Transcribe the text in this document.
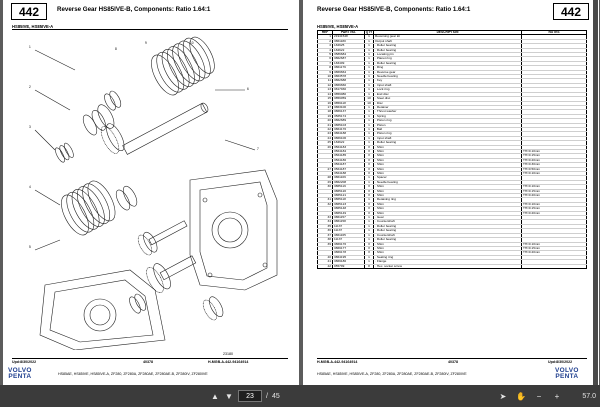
442	Reverse Gear HS85IVE-B, Components: Ratio 1.64:1
HS85IVE, HS85IVE-A
1
2
3
4
5
6
7
8
9	10
23180
Upd:8/30/2022	40378	H-MGB-A-442-94164914
HS85AE, HS85IVE, HS85IVE-A, ZF280, ZF280A, ZF280AE, ZF280AE-B, ZF280IV, ZF280IVE
VOLVO
PENTA
Reverse Gear HS85IVE-B, Components: Ratio 1.64:1	442
HS85IVE, HS85IVE-A
REF	PART NO.	QTY	DESCRIPTION	NOTES
1	21941548	1	Reversing gear kit	
2	3861180	1	Output shaft	
3	184625	1	· Roller bearing	
4	184622	1	· Roller bearing	
5	3586684	1	· Locating pin	
6	3862687	1	· Planet ring	
7	183409	1	· Roller bearing	
8	3861179	1	· Ring	
9	3869664	1	· Reverse gear	
10	3863578	1	· Needle bearing	
11	3862688	1	· Key	
12	3869660	1	· Input shaft	
13	3817930	1	· Lock ring	
14	3859080	1	· End disc	
15	3859059	10	· Steel disc	
16	3859118	10	· Disc	
17	3863100	1	· Retainer	
18	3866137	1	· Thrust washer	
19	3565174	1	· Spring	
20	3862689	1	· Piston ring	
21	3865103	1	· Piston	
22	3864176	1	· Ball	
23	3864188	1	· Piston ring	
24	3866106	1	· Input shaft	
25	184622	1	· Roller bearing	
26	3564183	X	· Shim	
	3564184	X	· Shim	TH=0.10mm
	3564185	X	· Shim	TH=0.15mm
	3564186	X	· Shim	TH=0.20mm
	3564187	X	· Shim	TH=0.30mm
27	3564187	X	· Shim	TH=0.50mm
	3564188	X	· Shim	TH=0.10mm
28	3861109	1	· Spacer	
29	3862208	1	· Needle bearing	
30	3865119	X	· Shim	TH=0.10mm
	3865120	X	· Shim	TH=0.15mm
	3865121	X	· Shim	TH=0.20mm
31	3865118	1	· Retaining ring	
32	3865123	X	· Shim	TH=0.10mm
	3865148	X	· Shim	TH=0.15mm
	3865149	X	· Shim	TH=0.20mm
33	3861157	1	· Gear	
34	3861158	1	· Countershaft	
35	11137	1	· Roller bearing	
36	11137	1	· Roller bearing	
37	3861165	1	· Countershaft	
38	11137	1	· Roller bearing	
39	3869176	X	· Shim	TH=0.10mm
	3869177	X	· Shim	TH=0.15mm
	3869178	X	· Shim	TH=0.20mm
40	3864195	1	· Sealing ring	
41	3869186	1	· Flange	
42	955799	8	· Hex. socket screw	
H-MGB-A-442-94164914	40378	Upd:8/30/2022
HS85AE, HS85IVE, HS85IVE-A, ZF280, ZF280A, ZF280AE, ZF280AE-B, ZF280IV, ZF280IVE	VOLVO
PENTA
▲ ▼	23	/ 45	➤ ✋ − +	57.0
